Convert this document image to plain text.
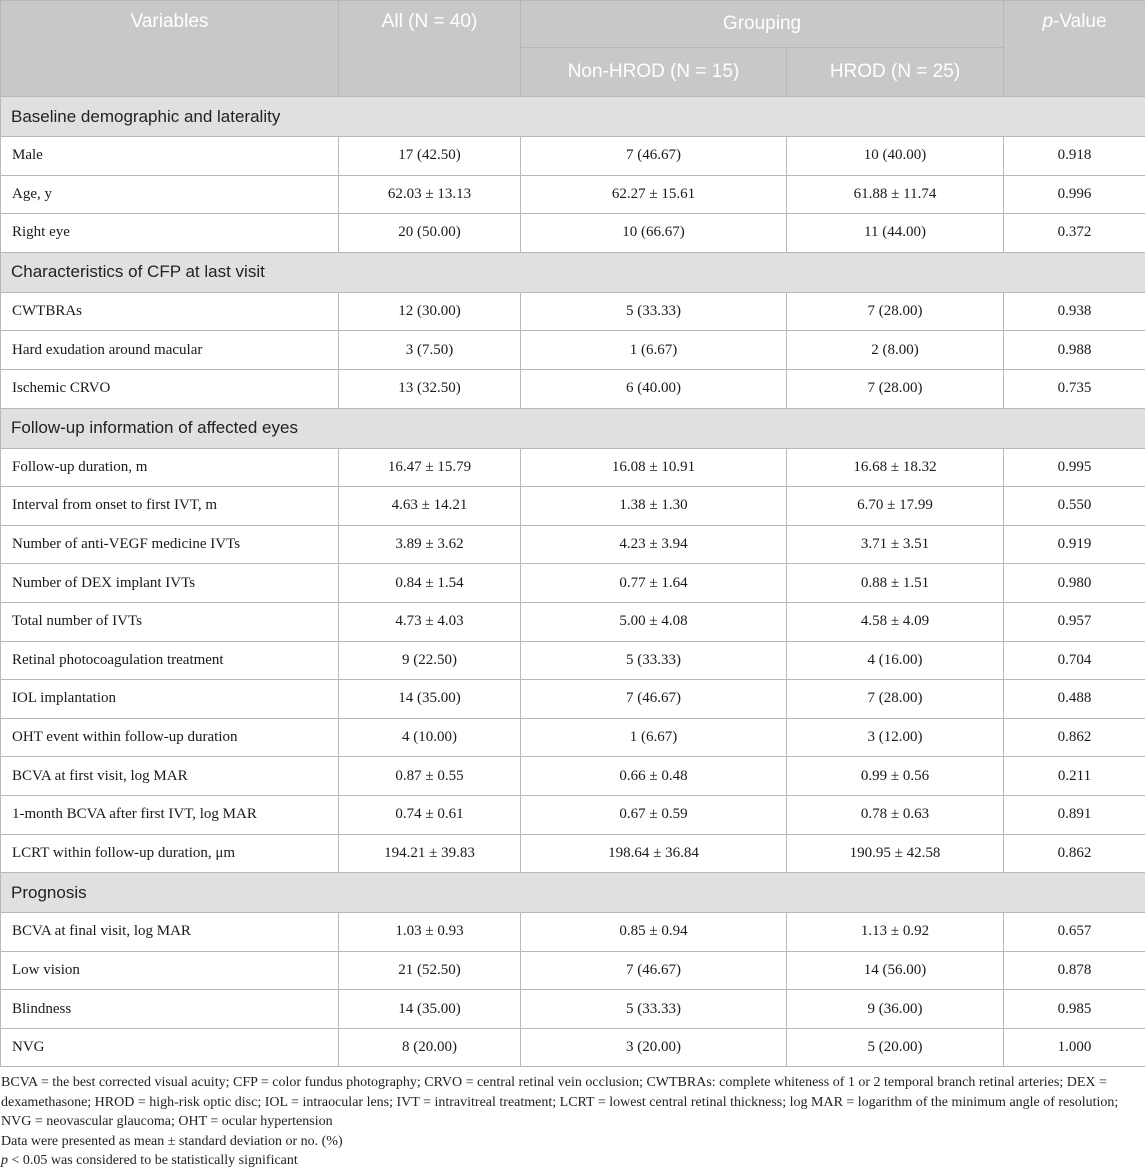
Variables	All (N = 40)	Grouping		p-Value
		Non-HROD (N = 15)	HROD (N = 25)	
Baseline demographic and laterality				
Male	17 (42.50)	7 (46.67)	10 (40.00)	0.918
Age, y	62.03 ± 13.13	62.27 ± 15.61	61.88 ± 11.74	0.996
Right eye	20 (50.00)	10 (66.67)	11 (44.00)	0.372
Characteristics of CFP at last visit				
CWTBRAs	12 (30.00)	5 (33.33)	7 (28.00)	0.938
Hard exudation around macular	3 (7.50)	1 (6.67)	2 (8.00)	0.988
Ischemic CRVO	13 (32.50)	6 (40.00)	7 (28.00)	0.735
Follow-up information of affected eyes				
Follow-up duration, m	16.47 ± 15.79	16.08 ± 10.91	16.68 ± 18.32	0.995
Interval from onset to first IVT, m	4.63 ± 14.21	1.38 ± 1.30	6.70 ± 17.99	0.550
Number of anti-VEGF medicine IVTs	3.89 ± 3.62	4.23 ± 3.94	3.71 ± 3.51	0.919
Number of DEX implant IVTs	0.84 ± 1.54	0.77 ± 1.64	0.88 ± 1.51	0.980
Total number of IVTs	4.73 ± 4.03	5.00 ± 4.08	4.58 ± 4.09	0.957
Retinal photocoagulation treatment	9 (22.50)	5 (33.33)	4 (16.00)	0.704
IOL implantation	14 (35.00)	7 (46.67)	7 (28.00)	0.488
OHT event within follow-up duration	4 (10.00)	1 (6.67)	3 (12.00)	0.862
BCVA at first visit, log MAR	0.87 ± 0.55	0.66 ± 0.48	0.99 ± 0.56	0.211
1-month BCVA after first IVT, log MAR	0.74 ± 0.61	0.67 ± 0.59	0.78 ± 0.63	0.891
LCRT within follow-up duration, μm	194.21 ± 39.83	198.64 ± 36.84	190.95 ± 42.58	0.862
Prognosis				
BCVA at final visit, log MAR	1.03 ± 0.93	0.85 ± 0.94	1.13 ± 0.92	0.657
Low vision	21 (52.50)	7 (46.67)	14 (56.00)	0.878
Blindness	14 (35.00)	5 (33.33)	9 (36.00)	0.985
NVG	8 (20.00)	3 (20.00)	5 (20.00)	1.000

BCVA = the best corrected visual acuity; CFP = color fundus photography; CRVO = central retinal vein occlusion; CWTBRAs: complete whiteness of 1 or 2 temporal branch retinal arteries; DEX = dexamethasone; HROD = high-risk optic disc; IOL = intraocular lens; IVT = intravitreal treatment; LCRT = lowest central retinal thickness; log MAR = logarithm of the minimum angle of resolution; NVG = neovascular glaucoma; OHT = ocular hypertension

Data were presented as mean ± standard deviation or no. (%)

p < 0.05 was considered to be statistically significant
